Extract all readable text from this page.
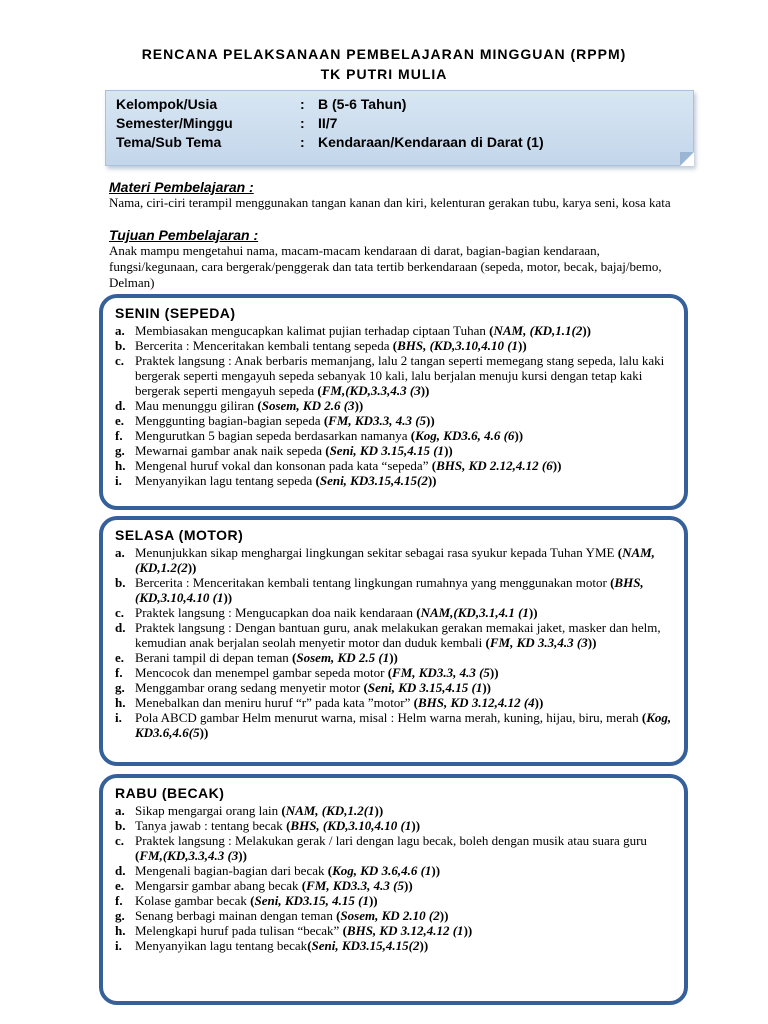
RENCANA PELAKSANAAN PEMBELAJARAN MINGGUAN (RPPM)
TK PUTRI MULIA
Kelompok/Usia	: B (5-6 Tahun)
Semester/Minggu	: II/7
Tema/Sub Tema	: Kendaraan/Kendaraan di Darat (1)
Materi Pembelajaran :
Nama, ciri-ciri terampil menggunakan tangan kanan dan kiri, kelenturan gerakan tubu, karya seni, kosa kata
Tujuan Pembelajaran :
Anak mampu mengetahui nama, macam-macam kendaraan di darat, bagian-bagian kendaraan, fungsi/kegunaan, cara bergerak/penggerak dan tata tertib berkendaraan (sepeda, motor, becak, bajaj/bemo, Delman)
SENIN (SEPEDA)
a. Membiasakan mengucapkan kalimat pujian terhadap ciptaan Tuhan (NAM, (KD,1.1(2))
b. Bercerita : Menceritakan kembali tentang sepeda (BHS, (KD,3.10,4.10 (1))
c. Praktek langsung : Anak berbaris memanjang, lalu 2 tangan seperti memegang stang sepeda, lalu kaki bergerak seperti mengayuh sepeda sebanyak 10 kali, lalu berjalan menuju kursi dengan tetap kaki bergerak seperti mengayuh sepeda (FM,(KD,3.3,4.3 (3))
d. Mau menunggu giliran (Sosem, KD 2.6 (3))
e. Menggunting bagian-bagian sepeda (FM, KD3.3, 4.3 (5))
f. Mengurutkan 5 bagian sepeda berdasarkan namanya (Kog, KD3.6, 4.6 (6))
g. Mewarnai gambar anak naik sepeda (Seni, KD 3.15,4.15 (1))
h. Mengenal huruf vokal dan konsonan pada kata “sepeda” (BHS, KD 2.12,4.12 (6))
i. Menyanyikan lagu tentang sepeda (Seni, KD3.15,4.15(2))
SELASA (MOTOR)
a. Menunjukkan sikap menghargai lingkungan sekitar sebagai rasa syukur kepada Tuhan YME (NAM, (KD,1.2(2))
b. Bercerita : Menceritakan kembali tentang lingkungan rumahnya yang menggunakan motor (BHS, (KD,3.10,4.10 (1))
c. Praktek langsung : Mengucapkan doa naik kendaraan (NAM,(KD,3.1,4.1 (1))
d. Praktek langsung : Dengan bantuan guru, anak melakukan gerakan memakai jaket, masker dan helm, kemudian anak berjalan seolah menyetir motor dan duduk kembali (FM, KD 3.3,4.3 (3))
e. Berani tampil di depan teman (Sosem, KD 2.5 (1))
f. Mencocok dan menempel gambar sepeda motor (FM, KD3.3, 4.3 (5))
g. Menggambar orang sedang menyetir motor (Seni, KD 3.15,4.15 (1))
h. Menebalkan dan meniru huruf “r” pada kata ”motor” (BHS, KD 3.12,4.12 (4))
i. Pola ABCD gambar Helm menurut warna, misal : Helm warna merah, kuning, hijau, biru, merah (Kog, KD3.6,4.6(5))
RABU (BECAK)
a. Sikap mengargai orang lain (NAM, (KD,1.2(1))
b. Tanya jawab : tentang becak (BHS, (KD,3.10,4.10 (1))
c. Praktek langsung : Melakukan gerak / lari dengan lagu becak, boleh dengan musik atau suara guru (FM,(KD,3.3,4.3 (3))
d. Mengenali bagian-bagian dari becak (Kog, KD 3.6,4.6 (1))
e. Mengarsir gambar abang becak (FM, KD3.3, 4.3 (5))
f. Kolase gambar becak (Seni, KD3.15, 4.15 (1))
g. Senang berbagi mainan dengan teman (Sosem, KD 2.10 (2))
h. Melengkapi huruf pada tulisan “becak” (BHS, KD 3.12,4.12 (1))
i. Menyanyikan lagu tentang becak(Seni, KD3.15,4.15(2))
